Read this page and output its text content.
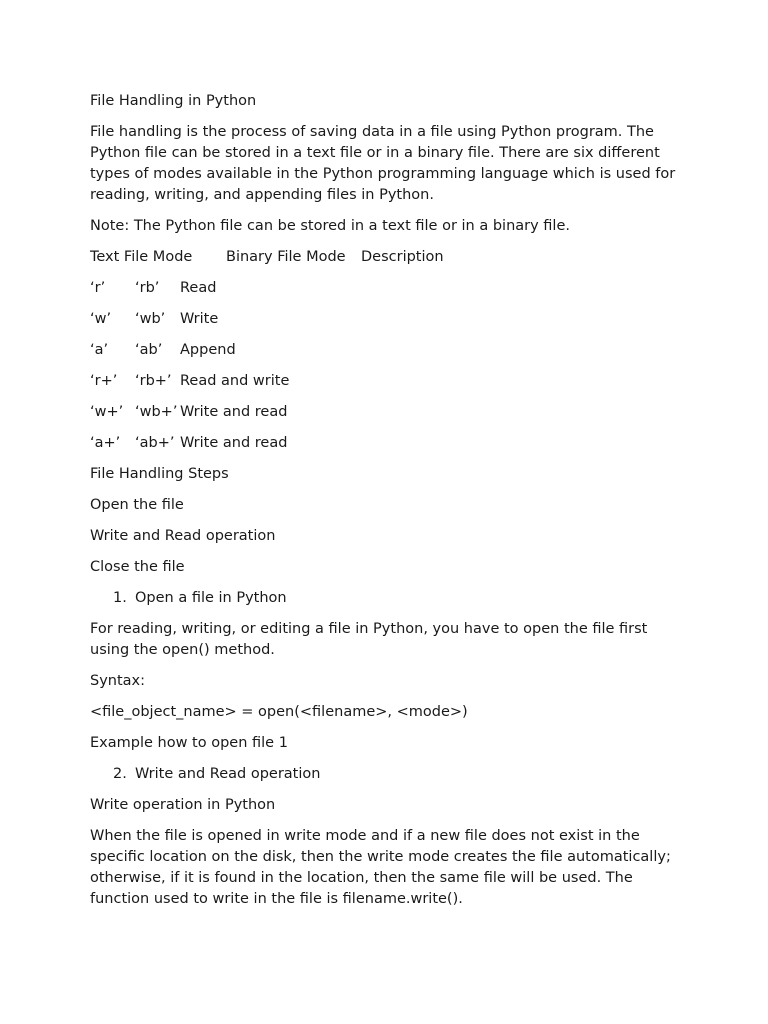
File Handling in Python
File handling is the process of saving data in a file using Python program. The Python file can be stored in a text file or in a binary file. There are six different types of modes available in the Python programming language which is used for reading, writing, and appending files in Python.
Note: The Python file can be stored in a text file or in a binary file.
Text File Mode	Binary File Mode	Description
‘r’	‘rb’	Read
‘w’	‘wb’	Write
‘a’	‘ab’	Append
‘r+’	‘rb+’ Read and write
‘w+’ ‘wb+’ Write and read
‘a+’	‘ab+’ Write and read
File Handling Steps
Open the file
Write and Read operation
Close the file
1. Open a file in Python
For reading, writing, or editing a file in Python, you have to open the file first using the open() method.
Syntax:
<file_object_name> = open(<filename>, <mode>)
Example how to open file 1
2. Write and Read operation
Write operation in Python
When the file is opened in write mode and if a new file does not exist in the specific location on the disk, then the write mode creates the file automatically; otherwise, if it is found in the location, then the same file will be used. The function used to write in the file is filename.write().
